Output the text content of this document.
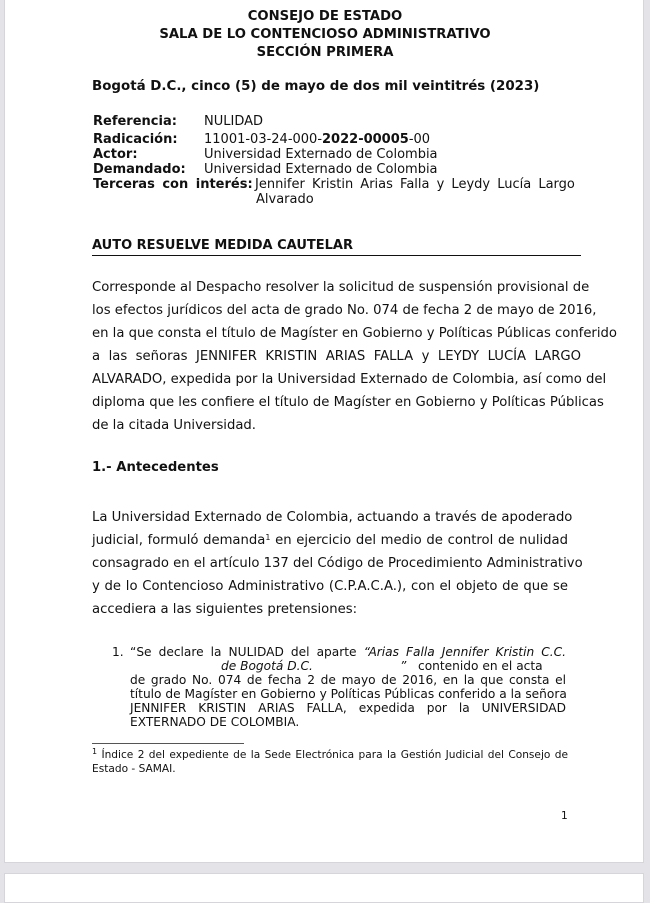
CONSEJO DE ESTADO
SALA DE LO CONTENCIOSO ADMINISTRATIVO
SECCIÓN PRIMERA
Bogotá D.C., cinco (5) de mayo de dos mil veintitrés (2023)
Referencia: NULIDAD
Radicación: 11001-03-24-000-2022-00005-00
Actor:	Universidad Externado de Colombia
Demandado: Universidad Externado de Colombia
Terceras con interés: Jennifer Kristin Arias Falla y Leydy Lucía Largo
Alvarado
AUTO RESUELVE MEDIDA CAUTELAR
Corresponde al Despacho resolver la solicitud de suspensión provisional de
los efectos jurídicos del acta de grado No. 074 de fecha 2 de mayo de 2016,
en la que consta el título de Magíster en Gobierno y Políticas Públicas conferido
a las señoras JENNIFER KRISTIN ARIAS FALLA y LEYDY LUCÍA LARGO
ALVARADO, expedida por la Universidad Externado de Colombia, así como del
diploma que les confiere el título de Magíster en Gobierno y Políticas Públicas
de la citada Universidad.
1.- Antecedentes
La Universidad Externado de Colombia, actuando a través de apoderado
judicial, formuló demanda$^1$ en ejercicio del medio de control de nulidad
consagrado en el artículo 137 del Código de Procedimiento Administrativo
y de lo Contencioso Administrativo (C.P.A.C.A.), con el objeto de que se
accediera a las siguientes pretensiones:
1. “Se declare la NULIDAD del aparte “Arias Falla Jennifer Kristin C.C.
de Bogotá D.C.	” contenido en el acta
de grado No. 074 de fecha 2 de mayo de 2016, en la que consta el
título de Magíster en Gobierno y Políticas Públicas conferido a la señora
JENNIFER KRISTIN ARIAS FALLA, expedida por la UNIVERSIDAD
EXTERNADO DE COLOMBIA.
$^1$ Índice 2 del expediente de la Sede Electrónica para la Gestión Judicial del Consejo de
Estado - SAMAI.
1
